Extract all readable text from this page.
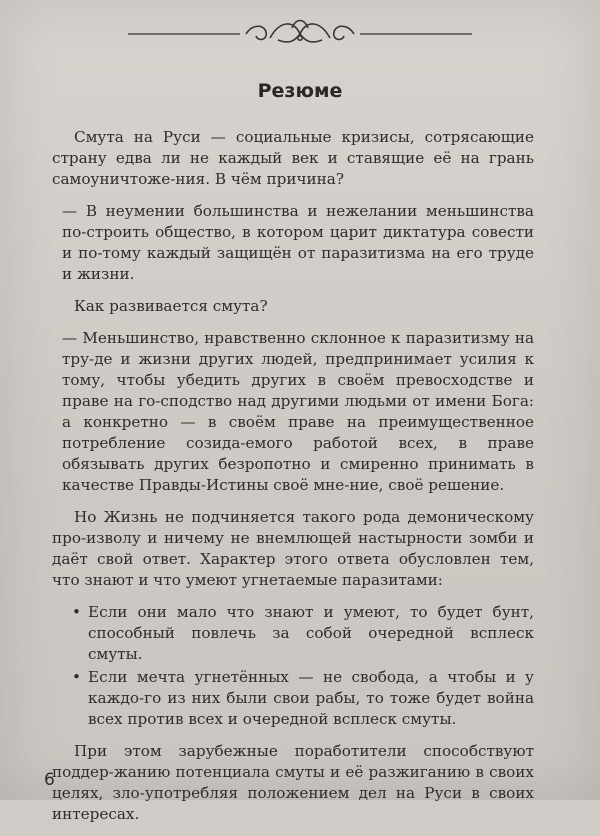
Резюме

Смута на Руси — социальные кризисы, сотрясающие страну едва ли не каждый век и ставящие её на грань самоуничтоже-ния. В чём причина?

— В неумении большинства и нежелании меньшинства по-строить общество, в котором царит диктатура совести и по-тому каждый защищён от паразитизма на его труде и жизни.

Как развивается смута?

— Меньшинство, нравственно склонное к паразитизму на тру-де и жизни других людей, предпринимает усилия к тому, чтобы убедить других в своём превосходстве и праве на го-сподство над другими людьми от имени Бога: а конкретно — в своём праве на преимущественное потребление созида-емого работой всех, в праве обязывать других безропотно и смиренно принимать в качестве Правды-Истины своё мне-ние, своё решение.

Но Жизнь не подчиняется такого рода демоническому про-изволу и ничему не внемлющей настырности зомби и даёт свой ответ. Характер этого ответа обусловлен тем, что знают и что умеют угнетаемые паразитами:

• Если они мало что знают и умеют, то будет бунт, способный повлечь за собой очередной всплеск смуты.
• Если мечта угнетённых — не свобода, а чтобы и у каждо-го из них были свои рабы, то тоже будет война всех против всех и очередной всплеск смуты.

При этом зарубежные поработители способствуют поддер-жанию потенциала смуты и её разжиганию в своих целях, зло-употребляя положением дел на Руси в своих интересах.

6
